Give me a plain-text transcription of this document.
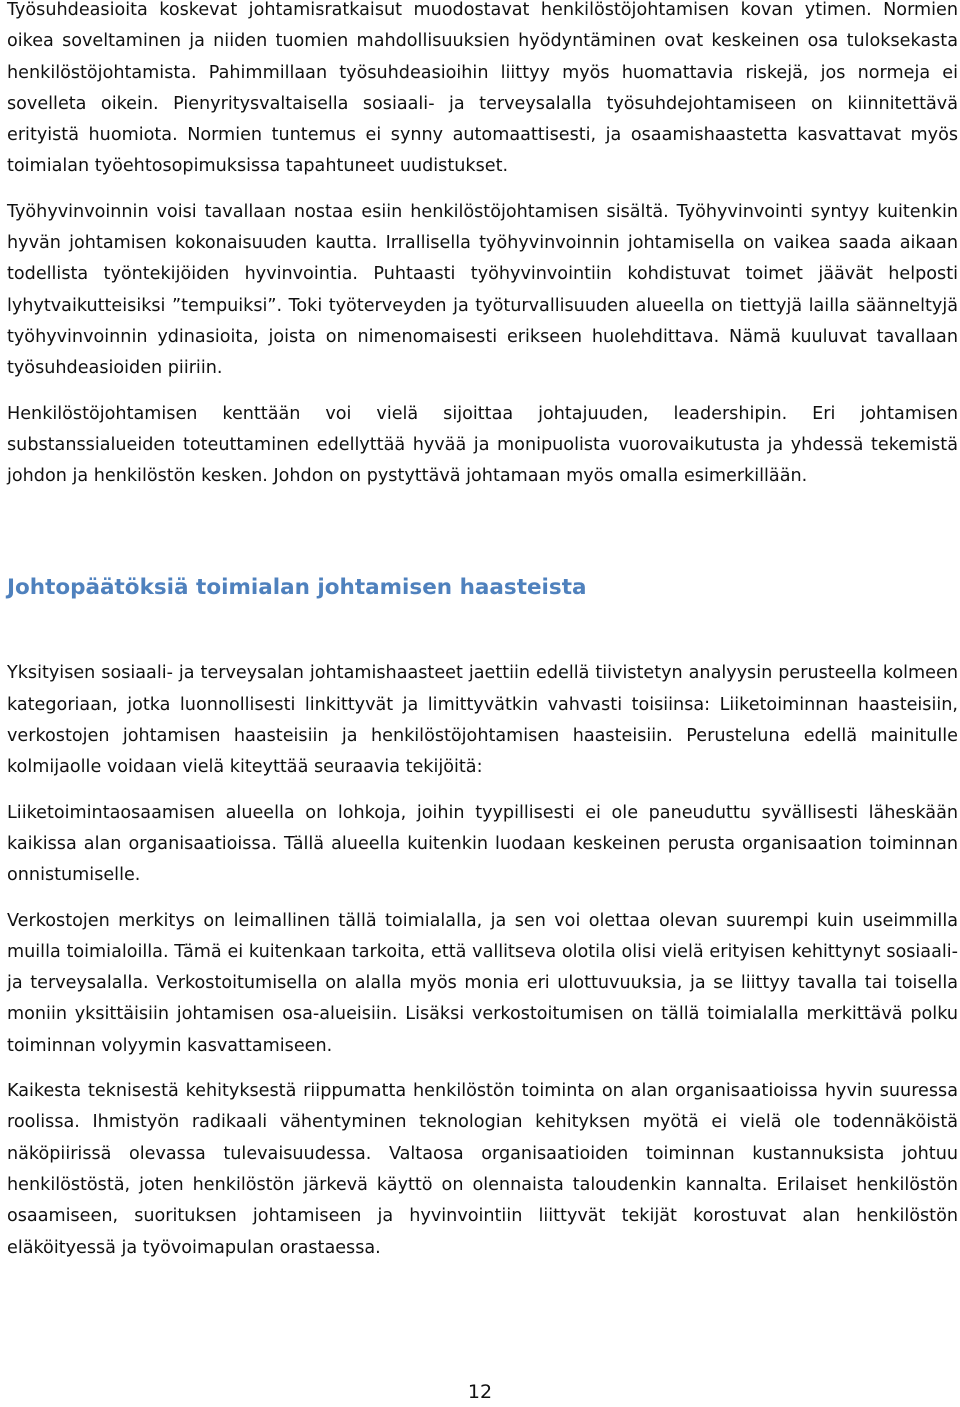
Työsuhdeasioita koskevat johtamisratkaisut muodostavat henkilöstöjohtamisen kovan ytimen. Normien oikea soveltaminen ja niiden tuomien mahdollisuuksien hyödyntäminen ovat keskeinen osa tuloksekasta henkilöstöjohtamista. Pahimmillaan työsuhdeasioihin liittyy myös huomattavia riskejä, jos normeja ei sovelleta oikein. Pienyritysvaltaisella sosiaali- ja terveysalalla työsuhdejohtamiseen on kiinnitettävä erityistä huomiota. Normien tuntemus ei synny automaattisesti, ja osaamishaastetta kasvattavat myös toimialan työehtosopimuksissa tapahtuneet uudistukset.

Työhyvinvoinnin voisi tavallaan nostaa esiin henkilöstöjohtamisen sisältä. Työhyvinvointi syntyy kuitenkin hyvän johtamisen kokonaisuuden kautta. Irrallisella työhyvinvoinnin johtamisella on vaikea saada aikaan todellista työntekijöiden hyvinvointia. Puhtaasti työhyvinvointiin kohdistuvat toimet jäävät helposti lyhytvaikutteisiksi ”tempuiksi”. Toki työterveyden ja työturvallisuuden alueella on tiettyjä lailla säänneltyjä työhyvinvoinnin ydinasioita, joista on nimenomaisesti erikseen huolehdittava. Nämä kuuluvat tavallaan työsuhdeasioiden piiriin.

Henkilöstöjohtamisen kenttään voi vielä sijoittaa johtajuuden, leadershipin. Eri johtamisen substanssialueiden toteuttaminen edellyttää hyvää ja monipuolista vuorovaikutusta ja yhdessä tekemistä johdon ja henkilöstön kesken. Johdon on pystyttävä johtamaan myös omalla esimerkillään.

Johtopäätöksiä toimialan johtamisen haasteista

Yksityisen sosiaali- ja terveysalan johtamishaasteet jaettiin edellä tiivistetyn analyysin perusteella kolmeen kategoriaan, jotka luonnollisesti linkittyvät ja limittyvätkin vahvasti toisiinsa: Liiketoiminnan haasteisiin, verkostojen johtamisen haasteisiin ja henkilöstöjohtamisen haasteisiin. Perusteluna edellä mainitulle kolmijaolle voidaan vielä kiteyttää seuraavia tekijöitä:

Liiketoimintaosaamisen alueella on lohkoja, joihin tyypillisesti ei ole paneuduttu syvällisesti läheskään kaikissa alan organisaatioissa. Tällä alueella kuitenkin luodaan keskeinen perusta organisaation toiminnan onnistumiselle.

Verkostojen merkitys on leimallinen tällä toimialalla, ja sen voi olettaa olevan suurempi kuin useimmilla muilla toimialoilla. Tämä ei kuitenkaan tarkoita, että vallitseva olotila olisi vielä erityisen kehittynyt sosiaali- ja terveysalalla. Verkostoitumisella on alalla myös monia eri ulottuvuuksia, ja se liittyy tavalla tai toisella moniin yksittäisiin johtamisen osa-alueisiin. Lisäksi verkostoitumisen on tällä toimialalla merkittävä polku toiminnan volyymin kasvattamiseen.

Kaikesta teknisestä kehityksestä riippumatta henkilöstön toiminta on alan organisaatioissa hyvin suuressa roolissa. Ihmistyön radikaali vähentyminen teknologian kehityksen myötä ei vielä ole todennäköistä näköpiirissä olevassa tulevaisuudessa. Valtaosa organisaatioiden toiminnan kustannuksista johtuu henkilöstöstä, joten henkilöstön järkevä käyttö on olennaista taloudenkin kannalta. Erilaiset henkilöstön osaamiseen, suorituksen johtamiseen ja hyvinvointiin liittyvät tekijät korostuvat alan henkilöstön eläköityessä ja työvoimapulan orastaessa.

12
